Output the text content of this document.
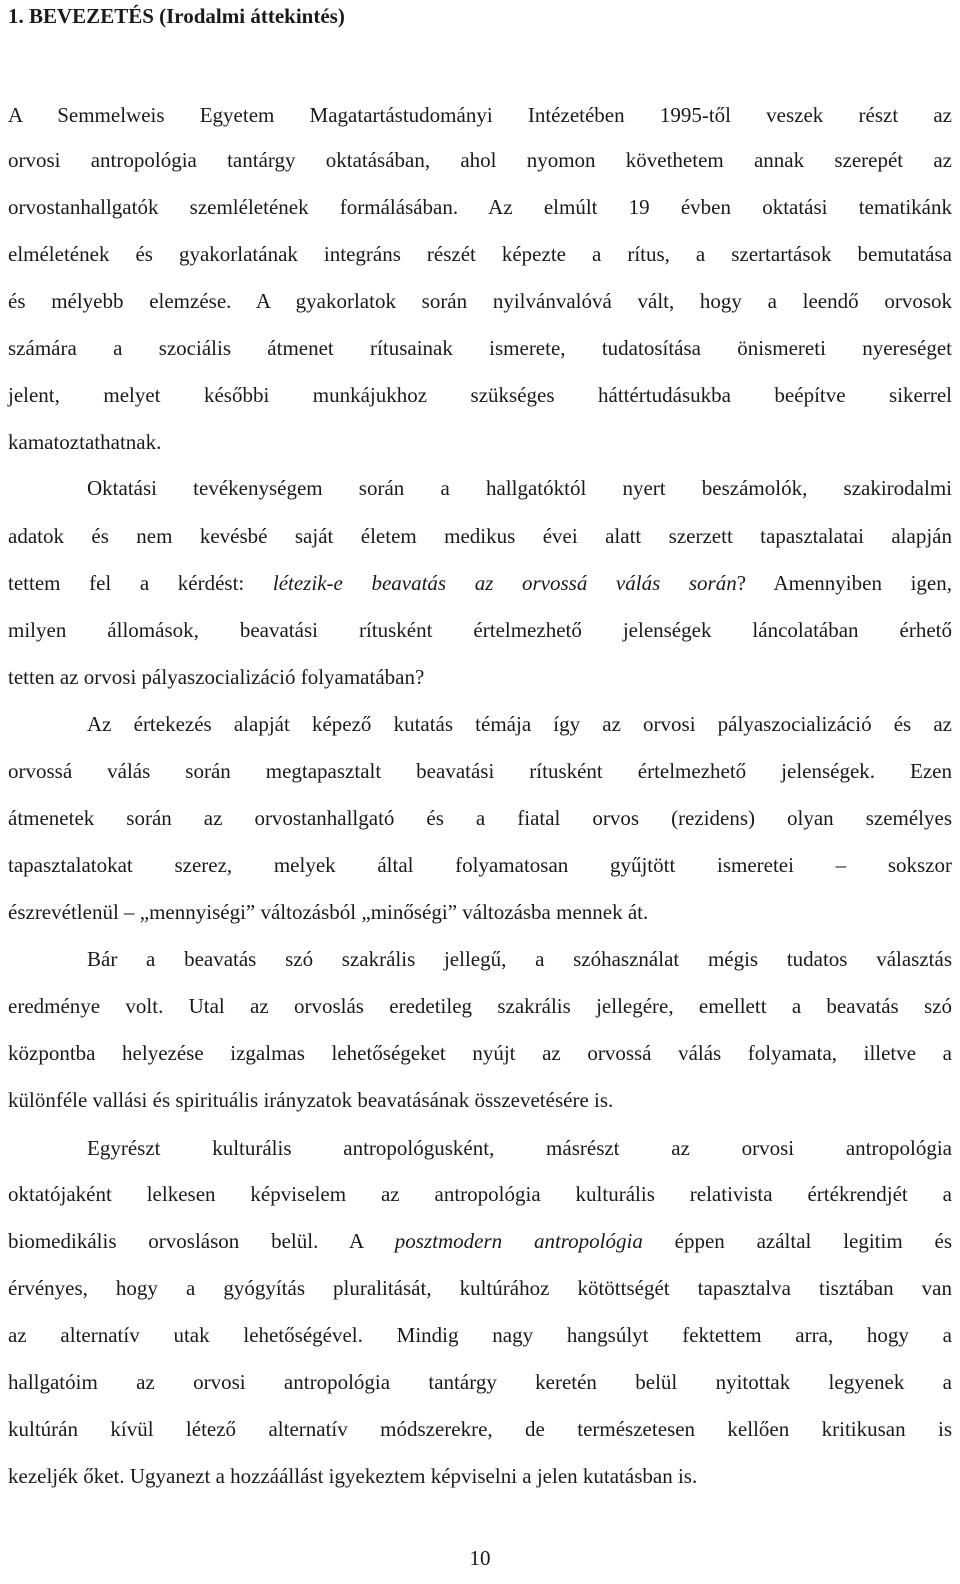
1. BEVEZETÉS (Irodalmi áttekintés)
A Semmelweis Egyetem Magatartástudományi Intézetében 1995-től veszek részt az
orvosi antropológia tantárgy oktatásában, ahol nyomon követhetem annak szerepét az
orvostanhallgatók szemléletének formálásában. Az elmúlt 19 évben oktatási tematikánk
elméletének és gyakorlatának integráns részét képezte a rítus, a szertartások bemutatása
és mélyebb elemzése. A gyakorlatok során nyilvánvalóvá vált, hogy a leendő orvosok
számára a szociális átmenet rítusainak ismerete, tudatosítása önismereti nyereséget
jelent, melyet későbbi munkájukhoz szükséges háttértudásukba beépítve sikerrel
kamatoztathatnak.
Oktatási tevékenységem során a hallgatóktól nyert beszámolók, szakirodalmi
adatok és nem kevésbé saját életem medikus évei alatt szerzett tapasztalatai alapján
tettem fel a kérdést: létezik-e beavatás az orvossá válás során? Amennyiben igen,
milyen állomások, beavatási rítusként értelmezhető jelenségek láncolatában érhető
tetten az orvosi pályaszocializáció folyamatában?
Az értekezés alapját képező kutatás témája így az orvosi pályaszocializáció és az
orvossá válás során megtapasztalt beavatási rítusként értelmezhető jelenségek. Ezen
átmenetek során az orvostanhallgató és a fiatal orvos (rezidens) olyan személyes
tapasztalatokat szerez, melyek által folyamatosan gyűjtött ismeretei – sokszor
észrevétlenül – „mennyiségi” változásból „minőségi” változásba mennek át.
Bár a beavatás szó szakrális jellegű, a szóhasználat mégis tudatos választás
eredménye volt. Utal az orvoslás eredetileg szakrális jellegére, emellett a beavatás szó
központba helyezése izgalmas lehetőségeket nyújt az orvossá válás folyamata, illetve a
különféle vallási és spirituális irányzatok beavatásának összevetésére is.
Egyrészt kulturális antropológusként, másrészt az orvosi antropológia
oktatójaként lelkesen képviselem az antropológia kulturális relativista értékrendjét a
biomedikális orvosláson belül. A posztmodern antropológia éppen azáltal legitim és
érvényes, hogy a gyógyítás pluralitását, kultúrához kötöttségét tapasztalva tisztában van
az alternatív utak lehetőségével. Mindig nagy hangsúlyt fektettem arra, hogy a
hallgatóim az orvosi antropológia tantárgy keretén belül nyitottak legyenek a
kultúrán kívül létező alternatív módszerekre, de természetesen kellően kritikusan is
kezeljék őket. Ugyanezt a hozzáállást igyekeztem képviselni a jelen kutatásban is.
10
